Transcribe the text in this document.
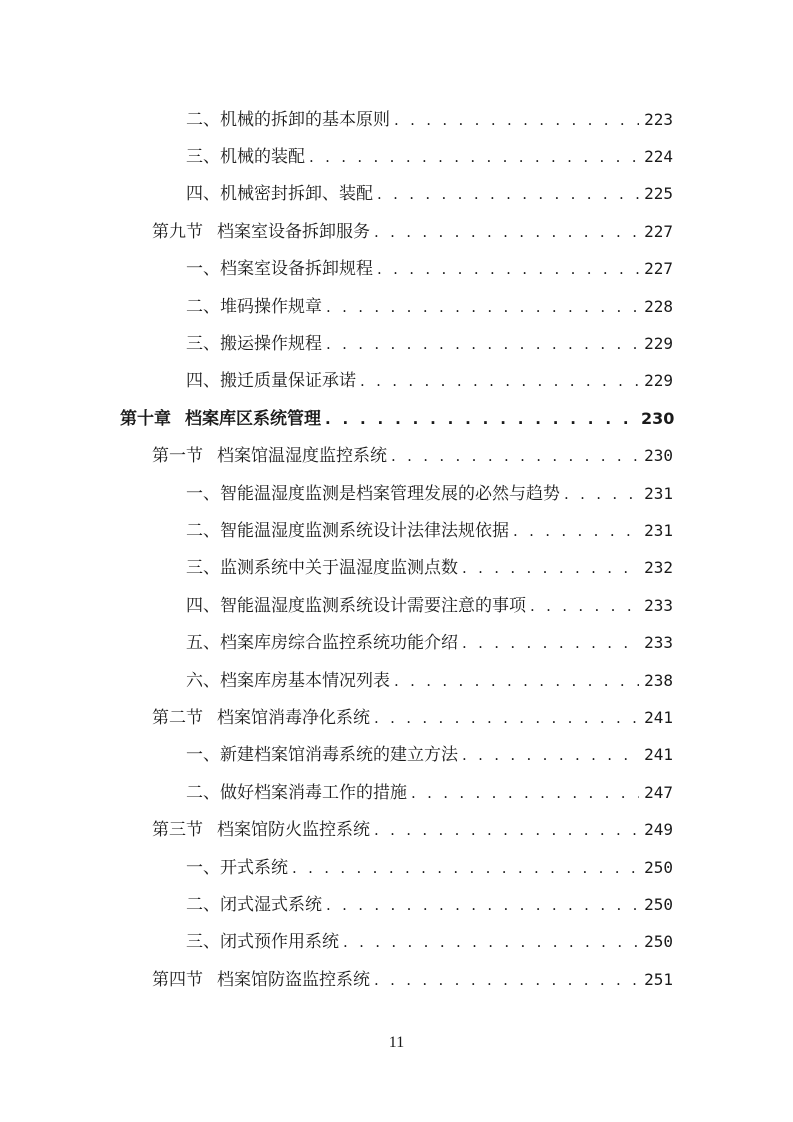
二、机械的拆卸的基本原则 . . .	223
三、机械的装配 . . .	224
四、机械密封拆卸、装配 . . .	225
第九节 档案室设备拆卸服务 . . .	227
一、档案室设备拆卸规程 . . .	227
二、堆码操作规章 . . .	228
三、搬运操作规程 . . .	229
四、搬迁质量保证承诺 . . .	229
第十章 档案库区系统管理 . . .	230
第一节 档案馆温湿度监控系统 . . .	230
一、智能温湿度监测是档案管理发展的必然与趋势 . . .	231
二、智能温湿度监测系统设计法律法规依据 . . .	231
三、监测系统中关于温湿度监测点数 . . .	232
四、智能温湿度监测系统设计需要注意的事项 . . .	233
五、档案库房综合监控系统功能介绍 . . .	233
六、档案库房基本情况列表 . . .	238
第二节 档案馆消毒净化系统 . . .	241
一、新建档案馆消毒系统的建立方法 . . .	241
二、做好档案消毒工作的措施 . . .	247
第三节 档案馆防火监控系统 . . .	249
一、开式系统 . . .	250
二、闭式湿式系统 . . .	250
三、闭式预作用系统 . . .	250
第四节 档案馆防盗监控系统 . . .	251
11
